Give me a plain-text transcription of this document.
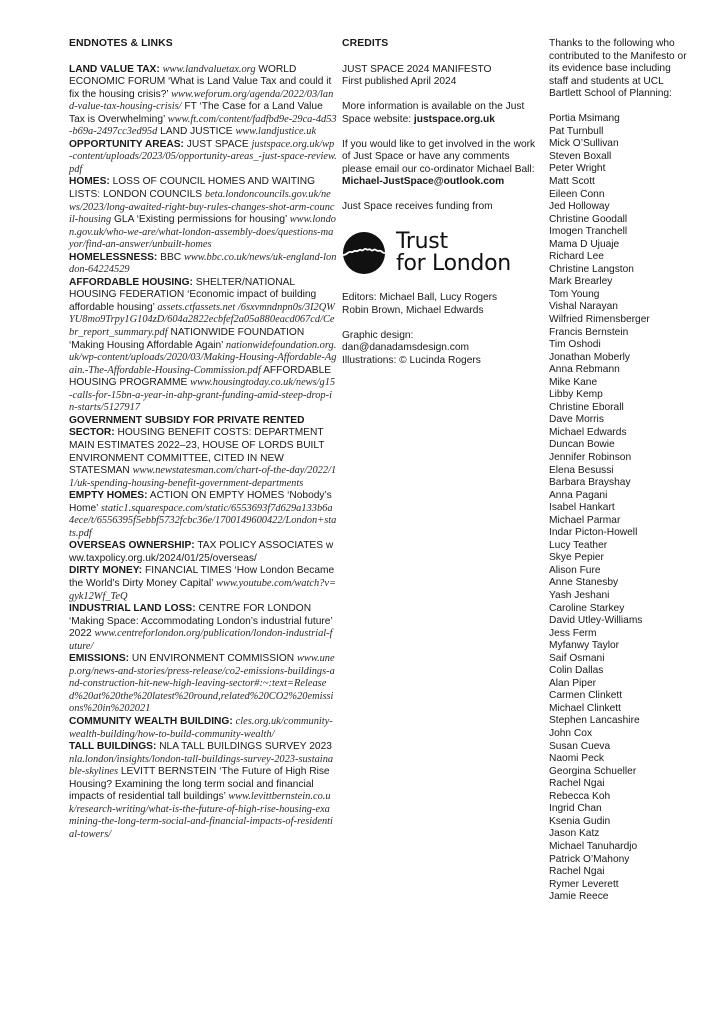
ENDNOTES & LINKS

LAND VALUE TAX: www.landvaluetax.org WORLD ECONOMIC FORUM ‘What is Land Value Tax and could it fix the housing crisis?’ www.weforum.org/agenda/2022/03/land-value-tax-housing-crisis/ FT ‘The Case for a Land Value Tax is Overwhelming’ www.ft.com/content/fadfbd9e-29ca-4d53-b69a-2497cc3ed95d LAND JUSTICE www.landjustice.uk

OPPORTUNITY AREAS: JUST SPACE justspace.org.uk/wp-content/uploads/2023/05/opportunity-areas_-just-space-review.pdf

HOMES: LOSS OF COUNCIL HOMES AND WAITING LISTS: LONDON COUNCILS beta.londoncouncils.gov.uk/news/2023/long-awaited-right-buy-rules-changes-shot-arm-council-housing GLA ‘Existing permissions for housing’ www.london.gov.uk/who-we-are/what-london-assembly-does/questions-mayor/find-an-answer/unbuilt-homes

HOMELESSNESS: BBC www.bbc.co.uk/news/uk-england-london-64224529

AFFORDABLE HOUSING: SHELTER/NATIONAL HOUSING FEDERATION ‘Economic impact of building affordable housing’ assets.ctfassets.net /6sxvmndnpn0s/3I2QWYU8mo9Trpy1G104zD/604a2822ecbfef2a05a880eacd067cd/Cebr_report_summary.pdf NATIONWIDE FOUNDATION ‘Making Housing Affordable Again’ nationwidefoundation.org.uk/wp-content/uploads/2020/03/Making-Housing-Affordable-Again.-The-Affordable-Housing-Commission.pdf AFFORDABLE HOUSING PROGRAMME www.housingtoday.co.uk/news/g15-calls-for-15bn-a-year-in-ahp-grant-funding-amid-steep-drop-in-starts/5127917

GOVERNMENT SUBSIDY FOR PRIVATE RENTED SECTOR: HOUSING BENEFIT COSTS: DEPARTMENT MAIN ESTIMATES 2022–23, HOUSE OF LORDS BUILT ENVIRONMENT COMMITTEE, CITED IN NEW STATESMAN www.newstatesman.com/chart-of-the-day/2022/11/uk-spending-housing-benefit-government-departments

EMPTY HOMES: ACTION ON EMPTY HOMES ‘Nobody’s Home’ static1.squarespace.com/static/6553693f7d629a133b6a4ece/t/6556395f5ebbf5732fcbc36e/1700149600422/London+stats.pdf

OVERSEAS OWNERSHIP: TAX POLICY ASSOCIATES www.taxpolicy.org.uk/2024/01/25/overseas/

DIRTY MONEY: FINANCIAL TIMES ‘How London Became the World’s Dirty Money Capital’ www.youtube.com/watch?v=gyk12Wf_TeQ

INDUSTRIAL LAND LOSS: CENTRE FOR LONDON ‘Making Space: Accommodating London’s industrial future’ 2022 www.centreforlondon.org/publication/london-industrial-future/

EMISSIONS: UN ENVIRONMENT COMMISSION www.unep.org/news-and-stories/press-release/co2-emissions-buildings-and-construction-hit-new-high-leaving-sector#:~:text=Released%20at%20the%20latest%20round,related%20CO2%20emissions%20in%202021

COMMUNITY WEALTH BUILDING: cles.org.uk/community-wealth-building/how-to-build-community-wealth/

TALL BUILDINGS: NLA TALL BUILDINGS SURVEY 2023 nla.london/insights/london-tall-buildings-survey-2023-sustainable-skylines LEVITT BERNSTEIN ‘The Future of High Rise Housing? Examining the long term social and financial impacts of residential tall buildings’ www.levittbernstein.co.uk/research-writing/what-is-the-future-of-high-rise-housing-examining-the-long-term-social-and-financial-impacts-of-residential-towers/

CREDITS

JUST SPACE 2024 MANIFESTO

First published April 2024

More information is available on the Just Space website: justspace.org.uk

If you would like to get involved in the work of Just Space or have any comments please email our co-ordinator Michael Ball: Michael-JustSpace@outlook.com

Just Space receives funding from

Trust
for London

Editors: Michael Ball, Lucy Rogers

Robin Brown, Michael Edwards

Graphic design: dan@danadamsdesign.com

Illustrations: © Lucinda Rogers

Thanks to the following who contributed to the Manifesto or its evidence base including staff and students at UCL Bartlett School of Planning:

Portia Msimang

Pat Turnbull

Mick O’Sullivan

Steven Boxall

Peter Wright

Matt Scott

Eileen Conn

Jed Holloway

Christine Goodall

Imogen Tranchell

Mama D Ujuaje

Richard Lee

Christine Langston

Mark Brearley

Tom Young

Vishal Narayan

Wilfried Rimensberger

Francis Bernstein

Tim Oshodi

Jonathan Moberly

Anna Rebmann

Mike Kane

Libby Kemp

Christine Eborall

Dave Morris

Michael Edwards

Duncan Bowie

Jennifer Robinson

Elena Besussi

Barbara Brayshay

Anna Pagani

Isabel Hankart

Michael Parmar

Indar Picton-Howell

Lucy Teather

Skye Pepier

Alison Fure

Anne Stanesby

Yash Jeshani

Caroline Starkey

David Utley-Williams

Jess Ferm

Myfanwy Taylor

Saif Osmani

Colin Dallas

Alan Piper

Carmen Clinkett

Michael Clinkett

Stephen Lancashire

John Cox

Susan Cueva

Naomi Peck

Georgina Schueller

Rachel Ngai

Rebecca Koh

Ingrid Chan

Ksenia Gudin

Jason Katz

Michael Tanuhardjo

Patrick O’Mahony

Rachel Ngai

Rymer Leverett

Jamie Reece
